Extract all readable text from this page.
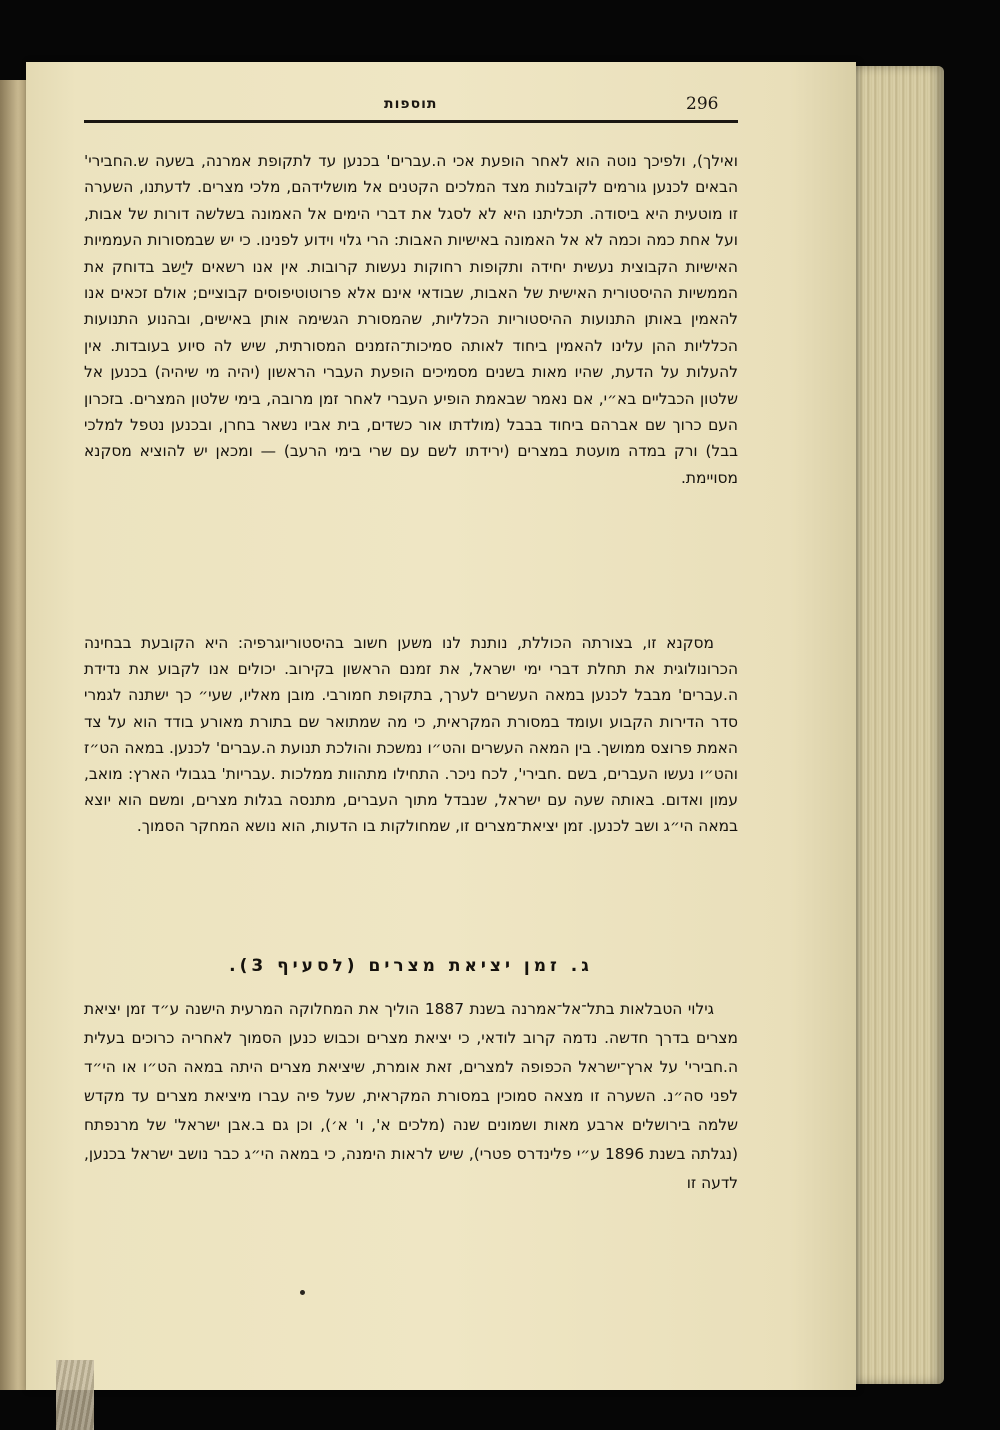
תוספות	296

ואילך), ולפיכך נוטה הוא לאחר הופעת אכי ה.עברים' בכנען עד לתקופת אמרנה, בשעה ש.החבירי' הבאים לכנען גורמים לקובלנות מצד המלכים הקטנים אל מושלידהם, מלכי מצרים. לדעתנו, השערה זו מוטעית היא ביסודה. תכליתנו היא לא לסגל את דברי הימים אל האמונה בשלשה דורות של אבות, ועל אחת כמה וכמה לא אל האמונה באישיות האבות: הרי גלוי וידוע לפנינו. כי יש שבמסורות העממיות האישיות הקבוצית נעשית יחידה ותקופות רחוקות נעשות קרובות. אין אנו רשאים ליַשב בדוחק את הממשיות ההיסטורית האישית של האבות, שבודאי אינם אלא פרוטוטיפוסים קבוציים; אולם זכאים אנו להאמין באותן התנועות ההיסטוריות הכלליות, שהמסורת הגשימה אותן באישים, ובהנוע התנועות הכלליות ההן עלינו להאמין ביחוד לאותה סמיכות־הזמנים המסורתית, שיש לה סיוע בעובדות. אין להעלות על הדעת, שהיו מאות בשנים מסמיכים הופעת העברי הראשון (יהיה מי שיהיה) בכנען אל שלטון הכבליים בא״י, אם נאמר שבאמת הופיע העברי לאחר זמן מרובה, בימי שלטון המצרים. בזכרון העם כרוך שם אברהם ביחוד בבבל (מולדתו אור כשדים, בית אביו נשאר בחרן, ובכנען נטפל למלכי בבל) ורק במדה מועטת במצרים (ירידתו לשם עם שרי בימי הרעב) — ומכאן יש להוציא מסקנא מסויימת.

מסקנא זו, בצורתה הכוללת, נותנת לנו משען חשוב בהיסטוריוגרפיה: היא הקובעת בבחינה הכרונולוגית את תחלת דברי ימי ישראל, את זמנם הראשון בקירוב. יכולים אנו לקבוע את נדידת ה.עברים' מבבל לכנען במאה העשרים לערך, בתקופת חמורבי. מובן מאליו, שעי״ כך ישתנה לגמרי סדר הדירות הקבוע ועומד במסורת המקראית, כי מה שמתואר שם בתורת מאורע בודד הוא על צד האמת פרוצס ממושך. בין המאה העשרים והט״ו נמשכת והולכת תנועת ה.עברים' לכנען. במאה הט״ז והט״ו נעשו העברים, בשם .חבירי', לכח ניכר. התחילו מתהוות ממלכות .עבריות' בגבולי הארץ: מואב, עמון ואדום. באותה שעה עם ישראל, שנבדל מתוך העברים, מתנסה בגלות מצרים, ומשם הוא יוצא במאה הי״ג ושב לכנען. זמן יציאת־מצרים זו, שמחולקות בו הדעות, הוא נושא המחקר הסמוך.

ג. זמן יציאת מצרים (לסעיף 3).

גילוי הטבלאות בתל־אל־אמרנה בשנת 1887 הוליך את המחלוקה המרעית הישנה ע״ד זמן יציאת מצרים בדרך חדשה. נדמה קרוב לודאי, כי יציאת מצרים וכבוש כנען הסמוך לאחריה כרוכים בעלית ה.חבירי' על ארץ־ישראל הכפופה למצרים, זאת אומרת, שיציאת מצרים היתה במאה הט״ו או הי״ד לפני סה״נ. השערה זו מצאה סמוכין במסורת המקראית, שעל פיה עברו מיציאת מצרים עד מקדש שלמה בירושלים ארבע מאות ושמונים שנה (מלכים א', ו' א׳), וכן גם ב.אבן ישראל' של מרנפתח (נגלתה בשנת 1896 ע״י פלינדרס פטרי), שיש לראות הימנה, כי במאה הי״ג כבר נושב ישראל בכנען, לדעה זו
